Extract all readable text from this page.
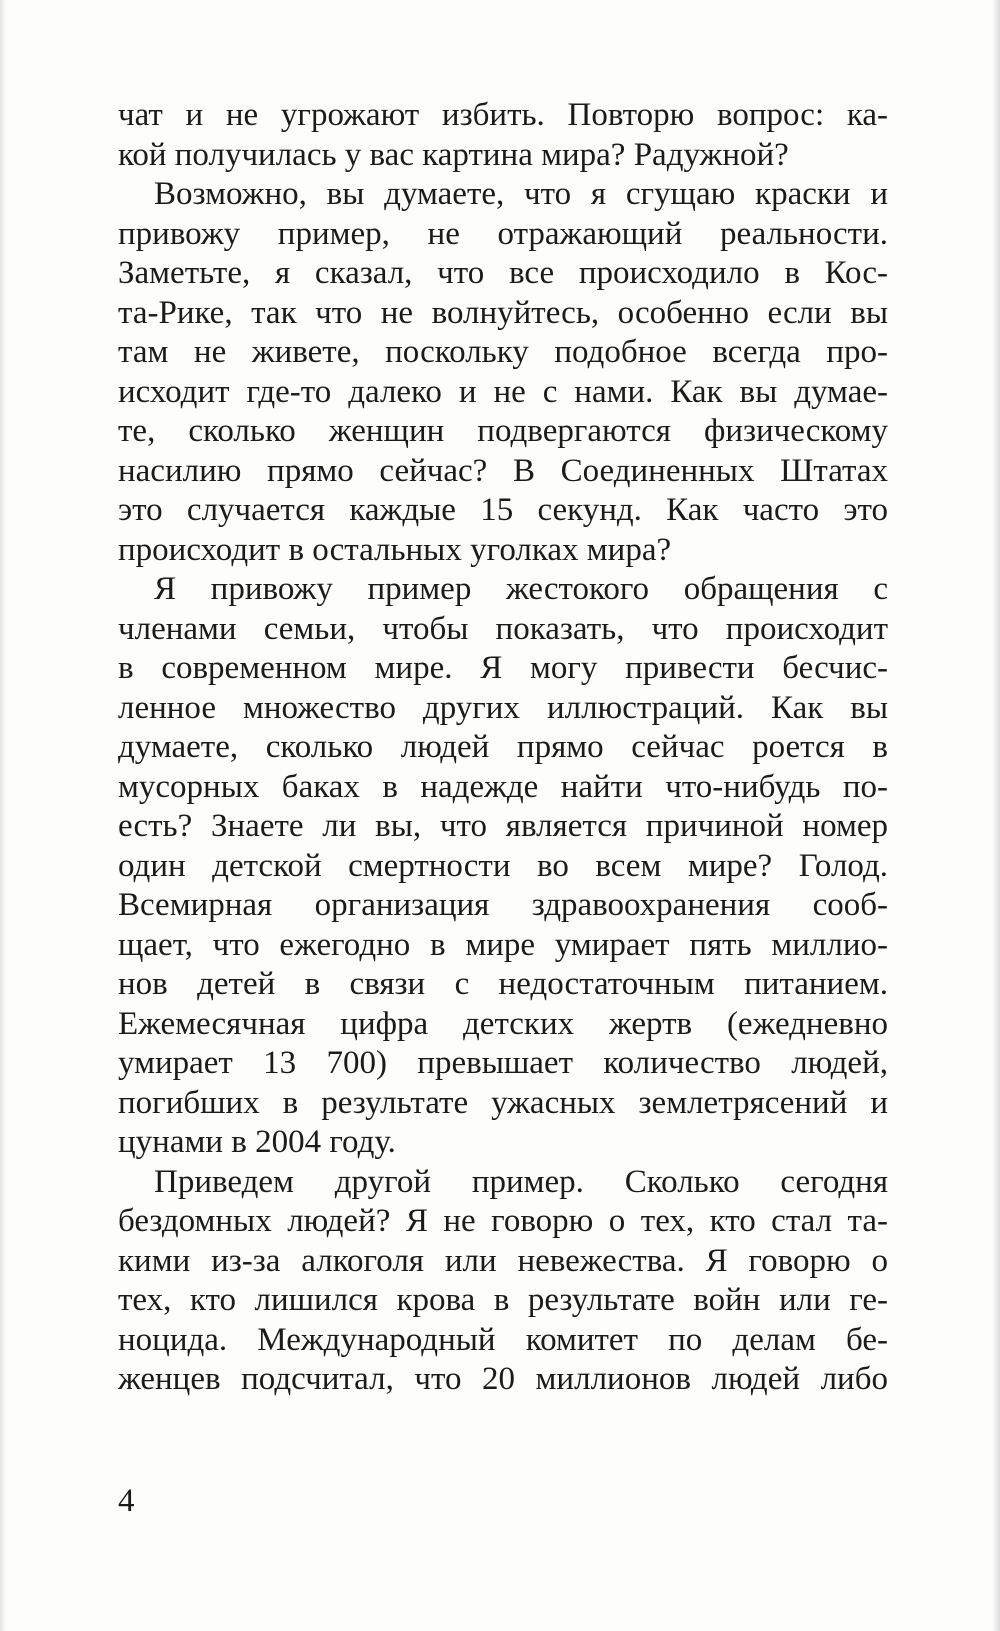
чат и не угрожают избить. Повторю вопрос: ка-
кой получилась у вас картина мира? Радужной?
Возможно, вы думаете, что я сгущаю краски и
привожу пример, не отражающий реальности.
Заметьте, я сказал, что все происходило в Кос-
та-Рике, так что не волнуйтесь, особенно если вы
там не живете, поскольку подобное всегда про-
исходит где-то далеко и не с нами. Как вы думае-
те, сколько женщин подвергаются физическому
насилию прямо сейчас? В Соединенных Штатах
это случается каждые 15 секунд. Как часто это
происходит в остальных уголках мира?
Я привожу пример жестокого обращения с
членами семьи, чтобы показать, что происходит
в современном мире. Я могу привести бесчис-
ленное множество других иллюстраций. Как вы
думаете, сколько людей прямо сейчас роется в
мусорных баках в надежде найти что-нибудь по-
есть? Знаете ли вы, что является причиной номер
один детской смертности во всем мире? Голод.
Всемирная организация здравоохранения сооб-
щает, что ежегодно в мире умирает пять миллио-
нов детей в связи с недостаточным питанием.
Ежемесячная цифра детских жертв (ежедневно
умирает 13 700) превышает количество людей,
погибших в результате ужасных землетрясений и
цунами в 2004 году.
Приведем другой пример. Сколько сегодня
бездомных людей? Я не говорю о тех, кто стал та-
кими из-за алкоголя или невежества. Я говорю о
тех, кто лишился крова в результате войн или ге-
ноцида. Международный комитет по делам бе-
женцев подсчитал, что 20 миллионов людей либо
4
